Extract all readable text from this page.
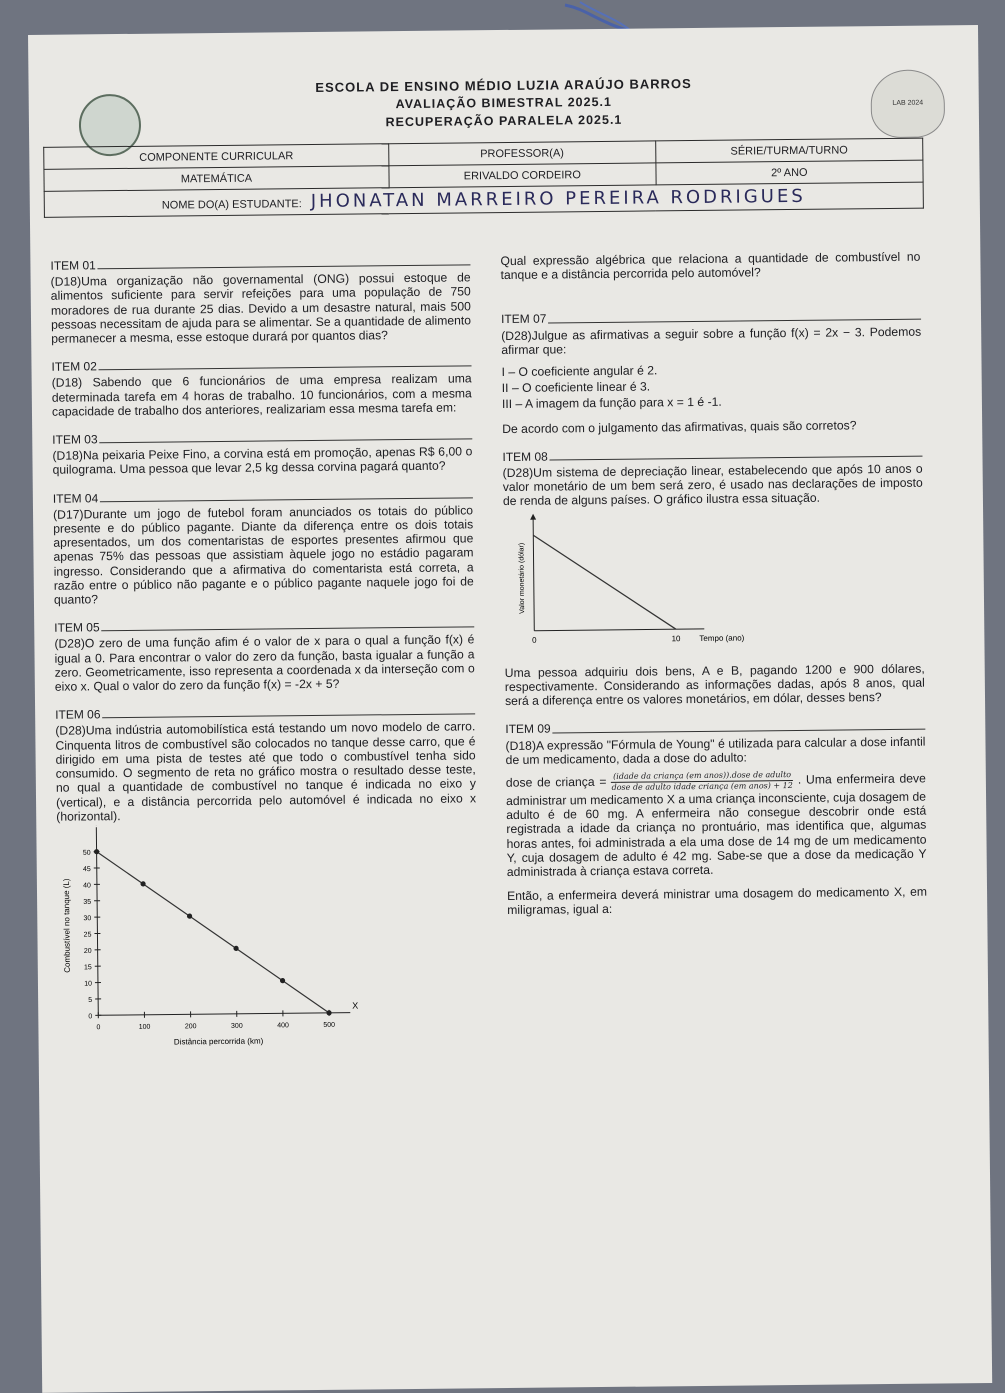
LAB 2024
ESCOLA DE ENSINO MÉDIO LUZIA ARAÚJO BARROS
AVALIAÇÃO BIMESTRAL 2025.1
RECUPERAÇÃO PARALELA 2025.1
COMPONENTE CURRICULAR	PROFESSOR(A)	SÉRIE/TURMA/TURNO
MATEMÁTICA	ERIVALDO CORDEIRO	2º ANO
NOME DO(A) ESTUDANTE: JHONATAN MARREIRO PEREIRA RODRIGUES		
ITEM 01

(D18)Uma organização não governamental (ONG) possui estoque de alimentos suficiente para servir refeições para uma população de 750 moradores de rua durante 25 dias. Devido a um desastre natural, mais 500 pessoas necessitam de ajuda para se alimentar. Se a quantidade de alimento permanecer a mesma, esse estoque durará por quantos dias?

ITEM 02

(D18) Sabendo que 6 funcionários de uma empresa realizam uma determinada tarefa em 4 horas de trabalho. 10 funcionários, com a mesma capacidade de trabalho dos anteriores, realizariam essa mesma tarefa em:

ITEM 03

(D18)Na peixaria Peixe Fino, a corvina está em promoção, apenas R$ 6,00 o quilograma. Uma pessoa que levar 2,5 kg dessa corvina pagará quanto?

ITEM 04

(D17)Durante um jogo de futebol foram anunciados os totais do público presente e do público pagante. Diante da diferença entre os dois totais apresentados, um dos comentaristas de esportes presentes afirmou que apenas 75% das pessoas que assistiam àquele jogo no estádio pagaram ingresso. Considerando que a afirmativa do comentarista está correta, a razão entre o público não pagante e o público pagante naquele jogo foi de quanto?

ITEM 05

(D28)O zero de uma função afim é o valor de x para o qual a função f(x) é igual a 0. Para encontrar o valor do zero da função, basta igualar a função a zero. Geometricamente, isso representa a coordenada x da interseção com o eixo x. Qual o valor do zero da função f(x) = -2x + 5?

ITEM 06

(D28)Uma indústria automobilística está testando um novo modelo de carro. Cinquenta litros de combustível são colocados no tanque desse carro, que é dirigido em uma pista de testes até que todo o combustível tenha sido consumido. O segmento de reta no gráfico mostra o resultado desse teste, no qual a quantidade de combustível no tanque é indicada no eixo y (vertical), e a distância percorrida pelo automóvel é indicada no eixo x (horizontal).

X
0
5
10
15
20
25
30
35
40
45
50
0	100	200	300	400	500
Distância percorrida (km)
Combustível no tanque (L)

Qual expressão algébrica que relaciona a quantidade de combustível no tanque e a distância percorrida pelo automóvel?

ITEM 07

(D28)Julgue as afirmativas a seguir sobre a função f(x) = 2x − 3. Podemos afirmar que:

I – O coeficiente angular é 2.

II – O coeficiente linear é 3.

III – A imagem da função para x = 1 é -1.

De acordo com o julgamento das afirmativas, quais são corretos?

ITEM 08

(D28)Um sistema de depreciação linear, estabelecendo que após 10 anos o valor monetário de um bem será zero, é usado nas declarações de imposto de renda de alguns países. O gráfico ilustra essa situação.

0	10 Tempo (ano)
Valor monetário (dólar)

Uma pessoa adquiriu dois bens, A e B, pagando 1200 e 900 dólares, respectivamente. Considerando as informações dadas, após 8 anos, qual será a diferença entre os valores monetários, em dólar, desses bens?

ITEM 09

(D18)A expressão "Fórmula de Young" é utilizada para calcular a dose infantil de um medicamento, dada a dose do adulto:

dose de criança = (idade da criança (em anos)).dose de adulto
dose de adulto idade criança (em anos) + 12 . Uma enfermeira deve administrar um medicamento X a uma criança inconsciente, cuja dosagem de adulto é de 60 mg. A enfermeira não consegue descobrir onde está registrada a idade da criança no prontuário, mas identifica que, algumas horas antes, foi administrada a ela uma dose de 14 mg de um medicamento Y, cuja dosagem de adulto é 42 mg. Sabe-se que a dose da medicação Y administrada à criança estava correta.

Então, a enfermeira deverá ministrar uma dosagem do medicamento X, em miligramas, igual a:
